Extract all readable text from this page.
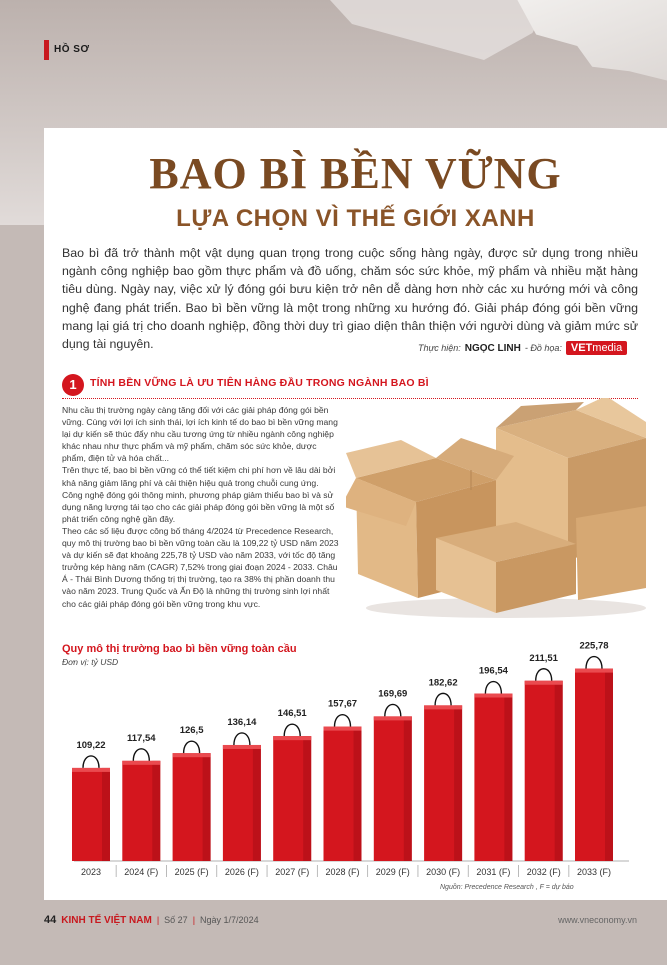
HỒ SƠ
BAO BÌ BỀN VỮNG
LỰA CHỌN VÌ THẾ GIỚI XANH
Bao bì đã trở thành một vật dụng quan trọng trong cuộc sống hàng ngày, được sử dụng trong nhiều ngành công nghiệp bao gồm thực phẩm và đồ uống, chăm sóc sức khỏe, mỹ phẩm và nhiều mặt hàng tiêu dùng. Ngày nay, việc xử lý đóng gói bưu kiện trở nên dễ dàng hơn nhờ các xu hướng mới và công nghệ đang phát triển. Bao bì bền vững là một trong những xu hướng đó. Giải pháp đóng gói bền vững mang lại giá trị cho doanh nghiệp, đồng thời duy trì giao diện thân thiện với người dùng và giảm mức sử dụng tài nguyên.	Thực hiện: NGỌC LINH - Đồ họa: VETmedia
1	TÍNH BỀN VỮNG LÀ ƯU TIÊN HÀNG ĐẦU TRONG NGÀNH BAO BÌ

Nhu cầu thị trường ngày càng tăng đối với các giải pháp đóng gói bền vững. Cùng với lợi ích sinh thái, lợi ích kinh tế do bao bì bền vững mang lại dự kiến sẽ thúc đẩy nhu cầu tương ứng từ nhiều ngành công nghiệp khác nhau như thực phẩm và mỹ phẩm, chăm sóc sức khỏe, dược phẩm, điện tử và hóa chất...

Trên thực tế, bao bì bền vững có thể tiết kiệm chi phí hơn về lâu dài bởi khả năng giảm lãng phí và cải thiện hiệu quả trong chuỗi cung ứng. Công nghệ đóng gói thông minh, phương pháp giảm thiểu bao bì và sử dụng năng lượng tái tạo cho các giải pháp đóng gói bền vững là một số phát triển công nghệ gần đây.

Theo các số liệu được công bố tháng 4/2024 từ Precedence Research, quy mô thị trường bao bì bền vững toàn cầu là 109,22 tỷ USD năm 2023 và dự kiến sẽ đạt khoảng 225,78 tỷ USD vào năm 2033, với tốc độ tăng trưởng kép hàng năm (CAGR) 7,52% trong giai đoạn 2024 - 2033. Châu Á - Thái Bình Dương thống trị thị trường, tạo ra 38% thị phần doanh thu vào năm 2023. Trung Quốc và Ấn Độ là những thị trường sinh lợi nhất cho các giải pháp đóng gói bền vững trong khu vực.

Quy mô thị trường bao bì bền vững toàn cầu
Đơn vị: tỷ USD
109,22
2023
117,54
2024 (F)
126,5
2025 (F)
136,14
2026 (F)
146,51
2027 (F)
157,67
2028 (F)
169,69
2029 (F)
182,62
2030 (F)
196,54
2031 (F)
211,51
2032 (F)
225,78
2033 (F)
Nguồn: Precedence Research , F = dự báo
44 KINH TẾ VIỆT NAM | Số 27 | Ngày 1/7/2024	www.vneconomy.vn
